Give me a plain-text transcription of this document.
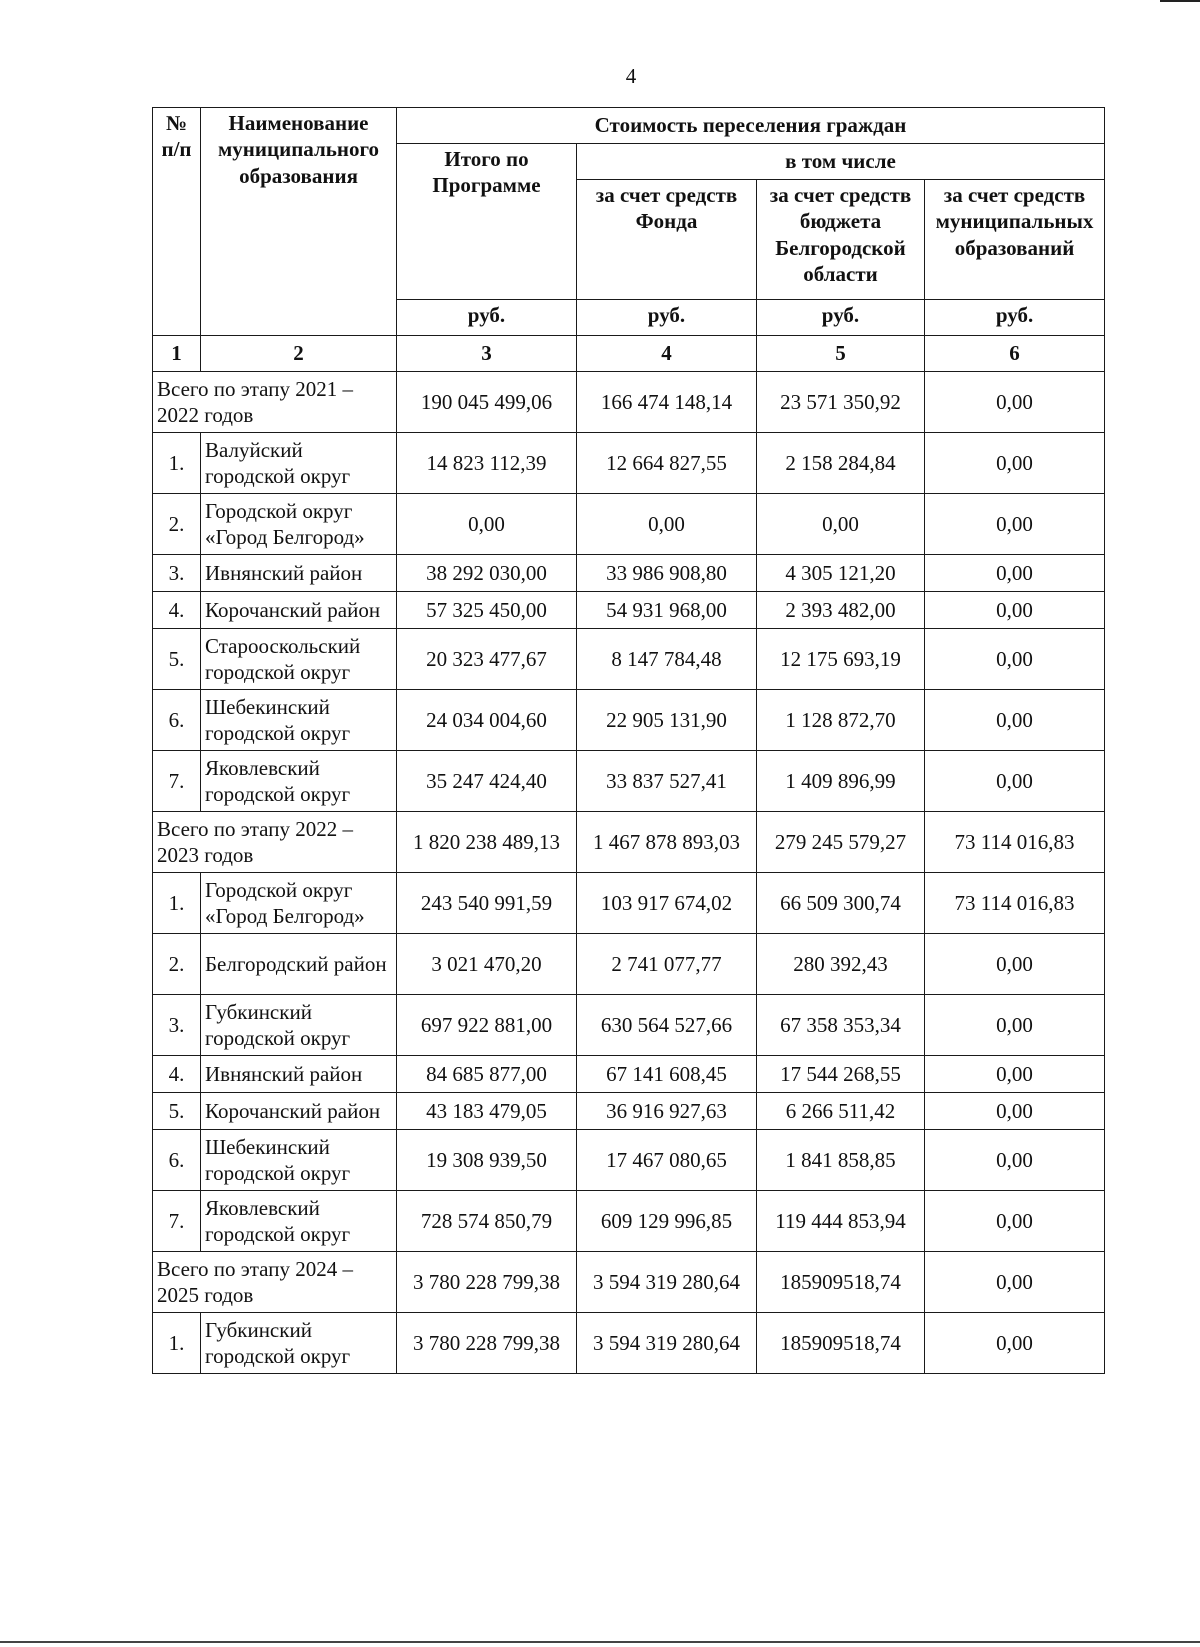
4
№ п/п	Наименование муниципального образования	Стоимость переселения граждан			
		Итого по Программе	в том числе		
			за счет средств Фонда	за счет средств бюджета Белгородской области	за счет средств муниципальных образований
		руб.	руб.	руб.	руб.
1	2	3	4	5	6
Всего по этапу 2021 – 2022 годов		190 045 499,06	166 474 148,14	23 571 350,92	0,00
1.	Валуйский городской округ	14 823 112,39	12 664 827,55	2 158 284,84	0,00
2.	Городской округ «Город Белгород»	0,00	0,00	0,00	0,00
3.	Ивнянский район	38 292 030,00	33 986 908,80	4 305 121,20	0,00
4.	Корочанский район	57 325 450,00	54 931 968,00	2 393 482,00	0,00
5.	Старооскольский городской округ	20 323 477,67	8 147 784,48	12 175 693,19	0,00
6.	Шебекинский городской округ	24 034 004,60	22 905 131,90	1 128 872,70	0,00
7.	Яковлевский городской округ	35 247 424,40	33 837 527,41	1 409 896,99	0,00
Всего по этапу 2022 – 2023 годов		1 820 238 489,13	1 467 878 893,03	279 245 579,27	73 114 016,83
1.	Городской округ «Город Белгород»	243 540 991,59	103 917 674,02	66 509 300,74	73 114 016,83
2.	Белгородский район	3 021 470,20	2 741 077,77	280 392,43	0,00
3.	Губкинский городской округ	697 922 881,00	630 564 527,66	67 358 353,34	0,00
4.	Ивнянский район	84 685 877,00	67 141 608,45	17 544 268,55	0,00
5.	Корочанский район	43 183 479,05	36 916 927,63	6 266 511,42	0,00
6.	Шебекинский городской округ	19 308 939,50	17 467 080,65	1 841 858,85	0,00
7.	Яковлевский городской округ	728 574 850,79	609 129 996,85	119 444 853,94	0,00
Всего по этапу 2024 – 2025 годов		3 780 228 799,38	3 594 319 280,64	185909518,74	0,00
1.	Губкинский городской округ	3 780 228 799,38	3 594 319 280,64	185909518,74	0,00
